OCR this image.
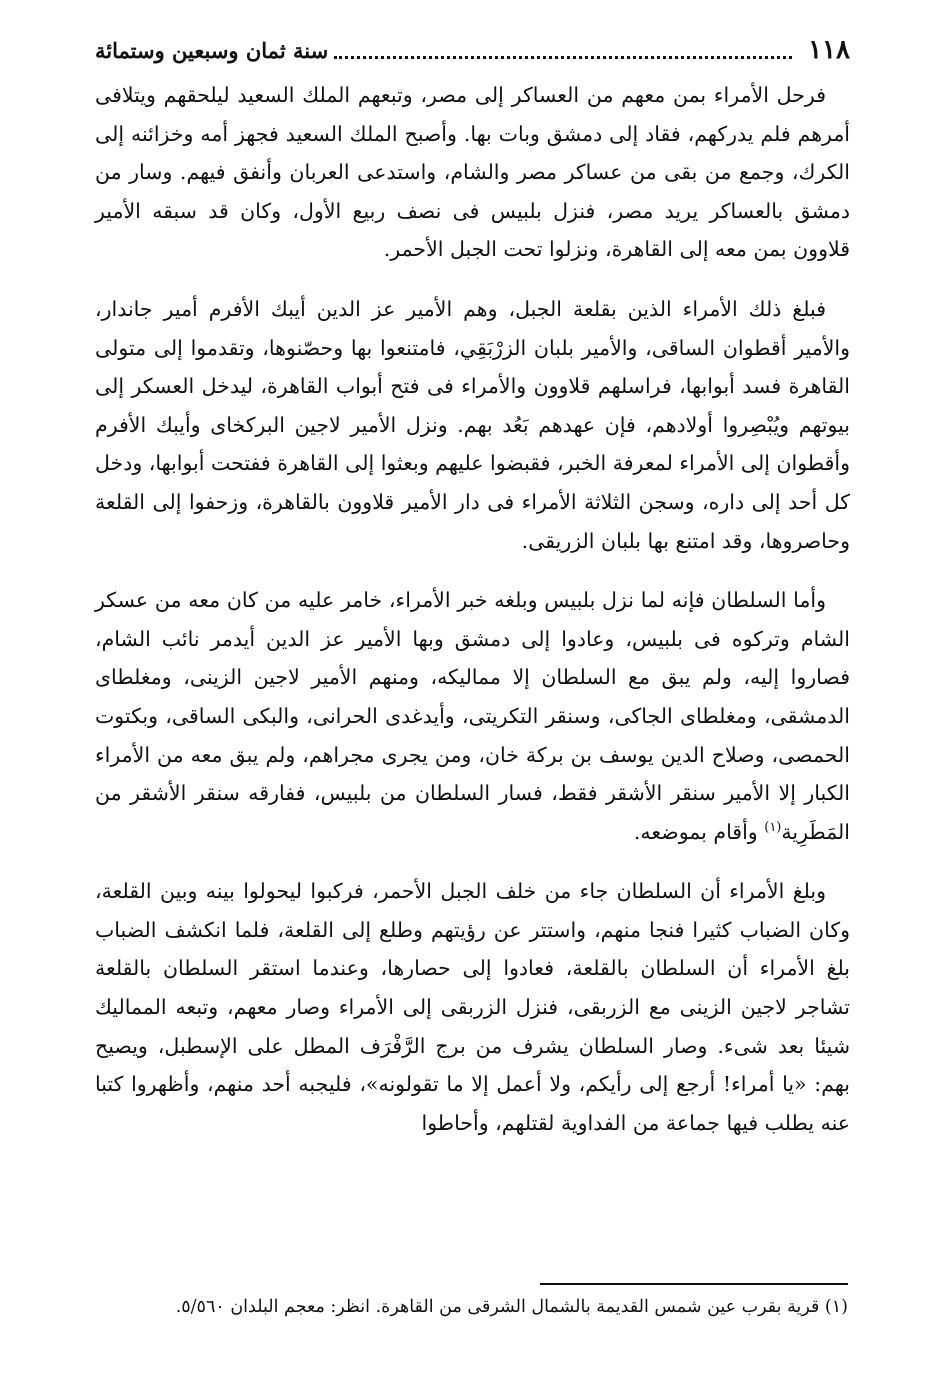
١١٨
سنة ثمان وسبعين وستمائة

فرحل الأمراء بمن معهم من العساكر إلى مصر، وتبعهم الملك السعيد ليلحقهم ويتلافى أمرهم فلم يدركهم، فقاد إلى دمشق وبات بها. وأصبح الملك السعيد فجهز أمه وخزائنه إلى الكرك، وجمع من بقى من عساكر مصر والشام، واستدعى العربان وأنفق فيهم. وسار من دمشق بالعساكر يريد مصر، فنزل بلبيس فى نصف ربيع الأول، وكان قد سبقه الأمير قلاوون بمن معه إلى القاهرة، ونزلوا تحت الجبل الأحمر.

فبلغ ذلك الأمراء الذين بقلعة الجبل، وهم الأمير عز الدين أيبك الأفرم أمير جاندار، والأمير أقطوان الساقى، والأمير بلبان الزرْبَقِي، فامتنعوا بها وحصّنوها، وتقدموا إلى متولى القاهرة فسد أبوابها، فراسلهم قلاوون والأمراء فى فتح أبواب القاهرة، ليدخل العسكر إلى بيوتهم ويُبْصِروا أولادهم، فإن عهدهم بَعُد بهم. ونزل الأمير لاجين البركخاى وأيبك الأفرم وأقطوان إلى الأمراء لمعرفة الخبر، فقبضوا عليهم وبعثوا إلى القاهرة ففتحت أبوابها، ودخل كل أحد إلى داره، وسجن الثلاثة الأمراء فى دار الأمير قلاوون بالقاهرة، وزحفوا إلى القلعة وحاصروها، وقد امتنع بها بلبان الزريقى.

وأما السلطان فإنه لما نزل بلبيس وبلغه خبر الأمراء، خامر عليه من كان معه من عسكر الشام وتركوه فى بلبيس، وعادوا إلى دمشق وبها الأمير عز الدين أيدمر نائب الشام، فصاروا إليه، ولم يبق مع السلطان إلا مماليكه، ومنهم الأمير لاجين الزينى، ومغلطاى الدمشقى، ومغلطاى الجاكى، وسنقر التكريتى، وأيدغدى الحرانى، والبكى الساقى، وبكتوت الحمصى، وصلاح الدين يوسف بن بركة خان، ومن يجرى مجراهم، ولم يبق معه من الأمراء الكبار إلا الأمير سنقر الأشقر فقط، فسار السلطان من بلبيس، ففارقه سنقر الأشقر من المَطَرِية$^{(١)}$ وأقام بموضعه.

وبلغ الأمراء أن السلطان جاء من خلف الجبل الأحمر، فركبوا ليحولوا بينه وبين القلعة، وكان الضباب كثيرا فنجا منهم، واستتر عن رؤيتهم وطلع إلى القلعة، فلما انكشف الضباب بلغ الأمراء أن السلطان بالقلعة، فعادوا إلى حصارها، وعندما استقر السلطان بالقلعة تشاجر لاجين الزينى مع الزربقى، فنزل الزربقى إلى الأمراء وصار معهم، وتبعه المماليك شيئا بعد شىء. وصار السلطان يشرف من برج الرَّفْرَف المطل على الإسطبل، ويصيح بهم: «يا أمراء! أرجع إلى رأيكم، ولا أعمل إلا ما تقولونه»، فليجبه أحد منهم، وأظهروا كتبا عنه يطلب فيها جماعة من الفداوية لقتلهم، وأحاطوا

(١) قرية بقرب عين شمس القديمة بالشمال الشرقى من القاهرة. انظر: معجم البلدان ٥/٥٦٠.
